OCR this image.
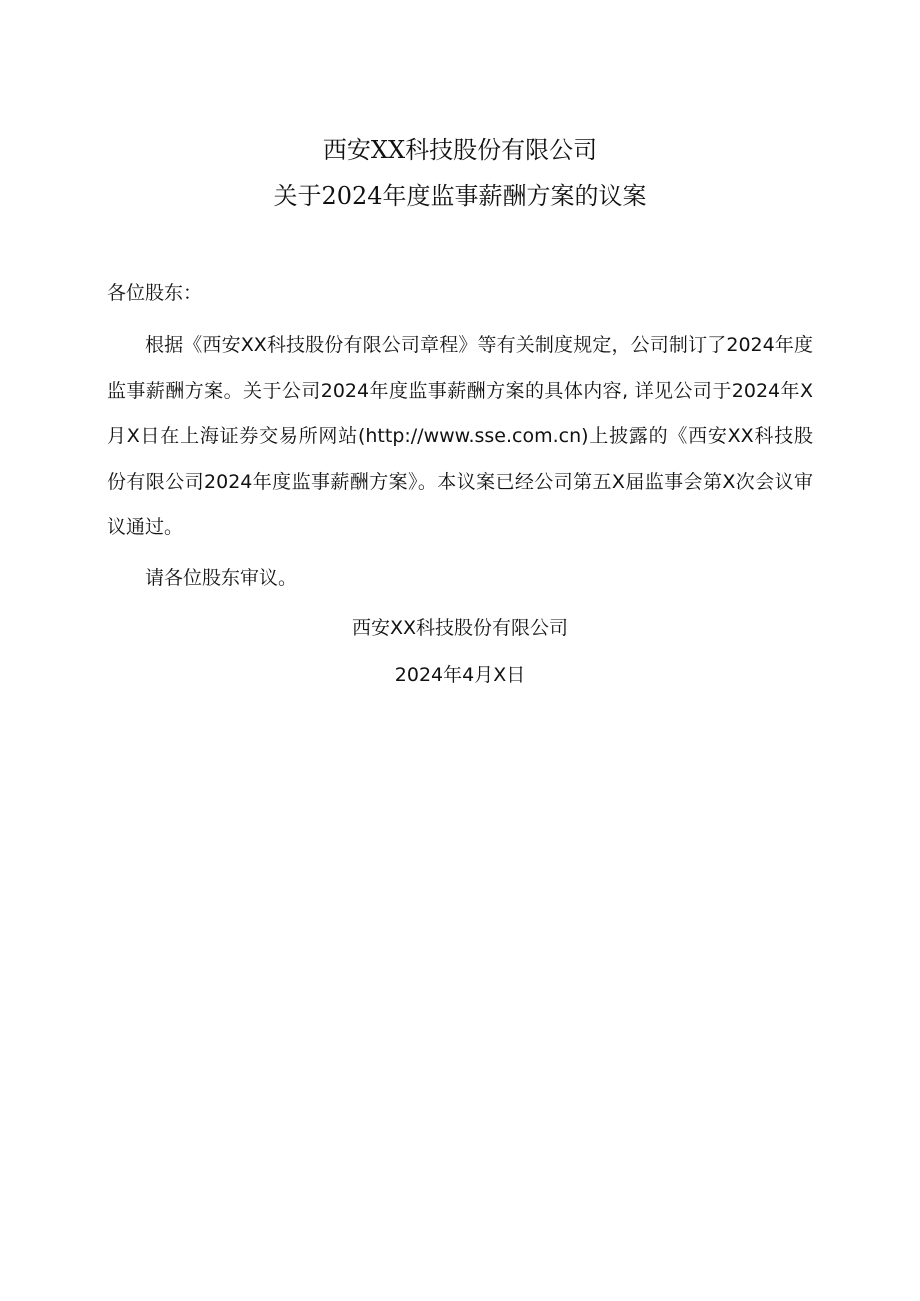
西安XX科技股份有限公司
关于2024年度监事薪酬方案的议案
各位股东：

根据《西安XX科技股份有限公司章程》等有关制度规定，公司制订了2024年度监事薪酬方案。关于公司2024年度监事薪酬方案的具体内容, 详见公司于2024年X月X日在上海证券交易所网站(http://www.sse.com.cn)上披露的《西安XX科技股份有限公司2024年度监事薪酬方案》。本议案已经公司第五X届监事会第X次会议审议通过。

请各位股东审议。
西安XX科技股份有限公司
2024年4月X日
